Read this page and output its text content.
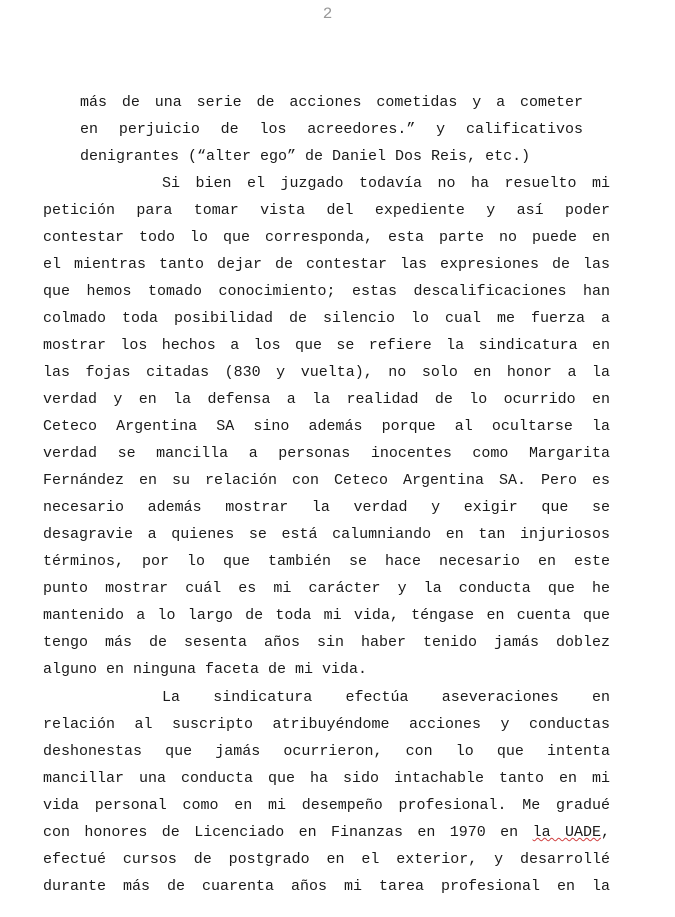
2
más de una serie de acciones cometidas y a cometer
en perjuicio de los acreedores.” y calificativos
denigrantes (“alter ego” de Daniel Dos Reis, etc.)
Si bien el juzgado todavía no ha resuelto mi
petición para tomar vista del expediente y así poder
contestar todo lo que corresponda, esta parte no puede en
el mientras tanto dejar de contestar las expresiones de las
que hemos tomado conocimiento; estas descalificaciones han
colmado toda posibilidad de silencio lo cual me fuerza a
mostrar los hechos a los que se refiere la sindicatura en
las fojas citadas (830 y vuelta), no solo en honor a la
verdad y en la defensa a la realidad de lo ocurrido en
Ceteco Argentina SA sino además porque al ocultarse la
verdad se mancilla a personas inocentes como Margarita
Fernández en su relación con Ceteco Argentina SA. Pero es
necesario además mostrar la verdad y exigir que se
desagravie a quienes se está calumniando en tan injuriosos
términos, por lo que también se hace necesario en este
punto mostrar cuál es mi carácter y la conducta que he
mantenido a lo largo de toda mi vida, téngase en cuenta que
tengo más de sesenta años sin haber tenido jamás doblez
alguno en ninguna faceta de mi vida.
La sindicatura efectúa aseveraciones en
relación al suscripto atribuyéndome acciones y conductas
deshonestas que jamás ocurrieron, con lo que intenta
mancillar una conducta que ha sido intachable tanto en mi
vida personal como en mi desempeño profesional. Me gradué
con honores de Licenciado en Finanzas en 1970 en la UADE,
efectué cursos de postgrado en el exterior, y desarrollé
durante más de cuarenta años mi tarea profesional en la
